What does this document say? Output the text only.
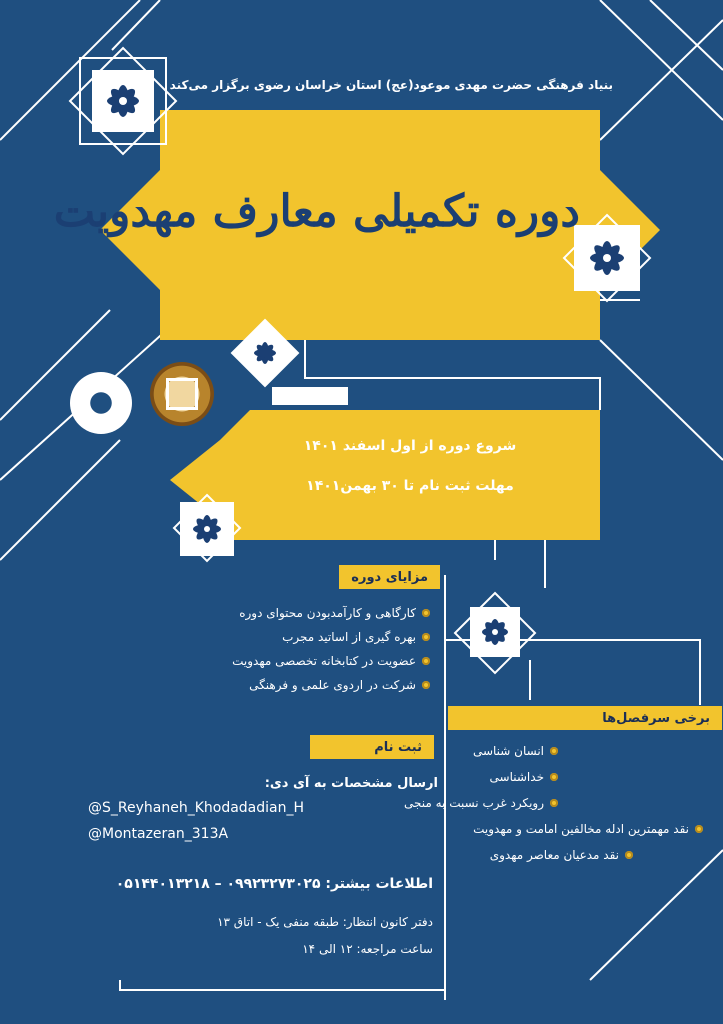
بنیاد فرهنگی حضرت مهدی موعود(عج) استان خراسان رضوی برگزار می‌کند
دوره تکمیلی معارف مهدویت
شروع دوره از اول اسفند ۱۴۰۱
مهلت ثبت نام تا ۳۰ بهمن۱۴۰۱
مزایای دوره
کارگاهی و کارآمدبودن محتوای دوره
بهره گیری از اساتید مجرب
عضویت در کتابخانه تخصصی مهدویت
شرکت در اردوی علمی و فرهنگی
ثبت نام
ارسال مشخصات به آی دی:
@S_Reyhaneh_Khodadadian_H
@Montazeran_313A
اطلاعات بیشتر: ۰۹۹۲۳۲۷۳۰۲۵ – ۰۵۱۴۴۰۱۳۲۱۸
دفتر کانون انتظار: طبقه منفی یک - اتاق ۱۳
ساعت مراجعه: ۱۲ الی ۱۴
برخی سرفصل‌ها
انسان شناسی
خداشناسی
رویکرد غرب نسبت به منجی
نقد مهمترین ادله مخالفین امامت و مهدویت
نقد مدعیان معاصر مهدوی
